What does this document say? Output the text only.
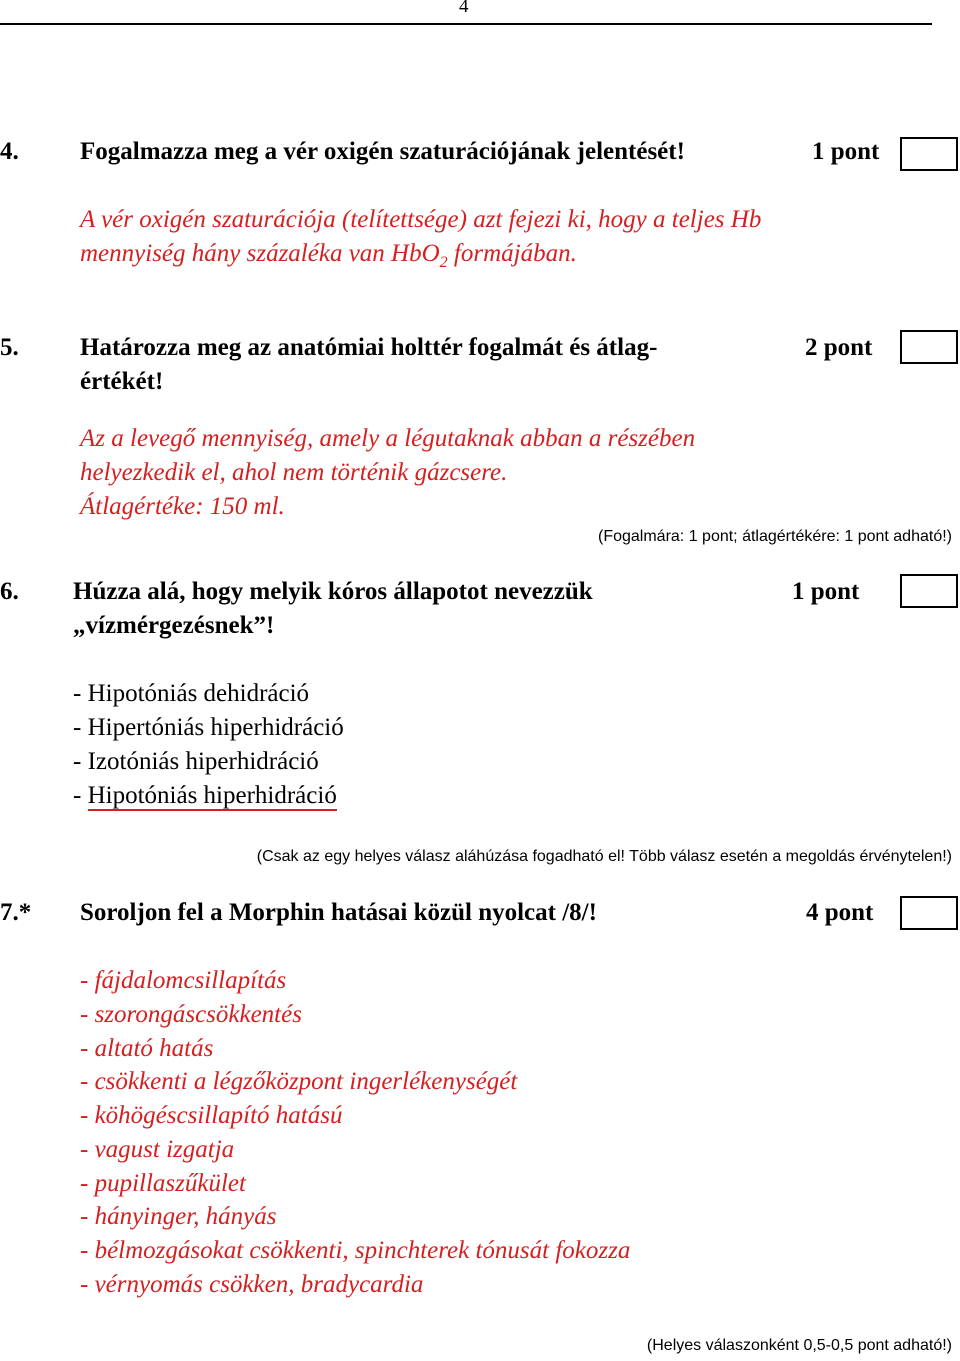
4
4. Fogalmazza meg a vér oxigén szaturációjának jelentését!	1 pont
A vér oxigén szaturációja (telítettsége) azt fejezi ki, hogy a teljes Hb
mennyiség hány százaléka van HbO$_2$ formájában.
5. Határozza meg az anatómiai holttér fogalmát és átlag-
értékét!
2 pont
Az a levegő mennyiség, amely a légutaknak abban a részében
helyezkedik el, ahol nem történik gázcsere.
Átlagértéke: 150 ml.
(Fogalmára: 1 pont; átlagértékére: 1 pont adható!)
6. Húzza alá, hogy melyik kóros állapotot nevezzük
„vízmérgezésnek”!
1 pont
- Hipotóniás dehidráció
- Hipertóniás hiperhidráció
- Izotóniás hiperhidráció
- Hipotóniás hiperhidráció
(Csak az egy helyes válasz aláhúzása fogadható el! Több válasz esetén a megoldás érvénytelen!)
7.* Soroljon fel a Morphin hatásai közül nyolcat /8/!	4 pont
- fájdalomcsillapítás
- szorongáscsökkentés
- altató hatás
- csökkenti a légzőközpont ingerlékenységét
- köhögéscsillapító hatású
- vagust izgatja
- pupillaszűkület
- hányinger, hányás
- bélmozgásokat csökkenti, spinchterek tónusát fokozza
- vérnyomás csökken, bradycardia
(Helyes válaszonként 0,5-0,5 pont adható!)
